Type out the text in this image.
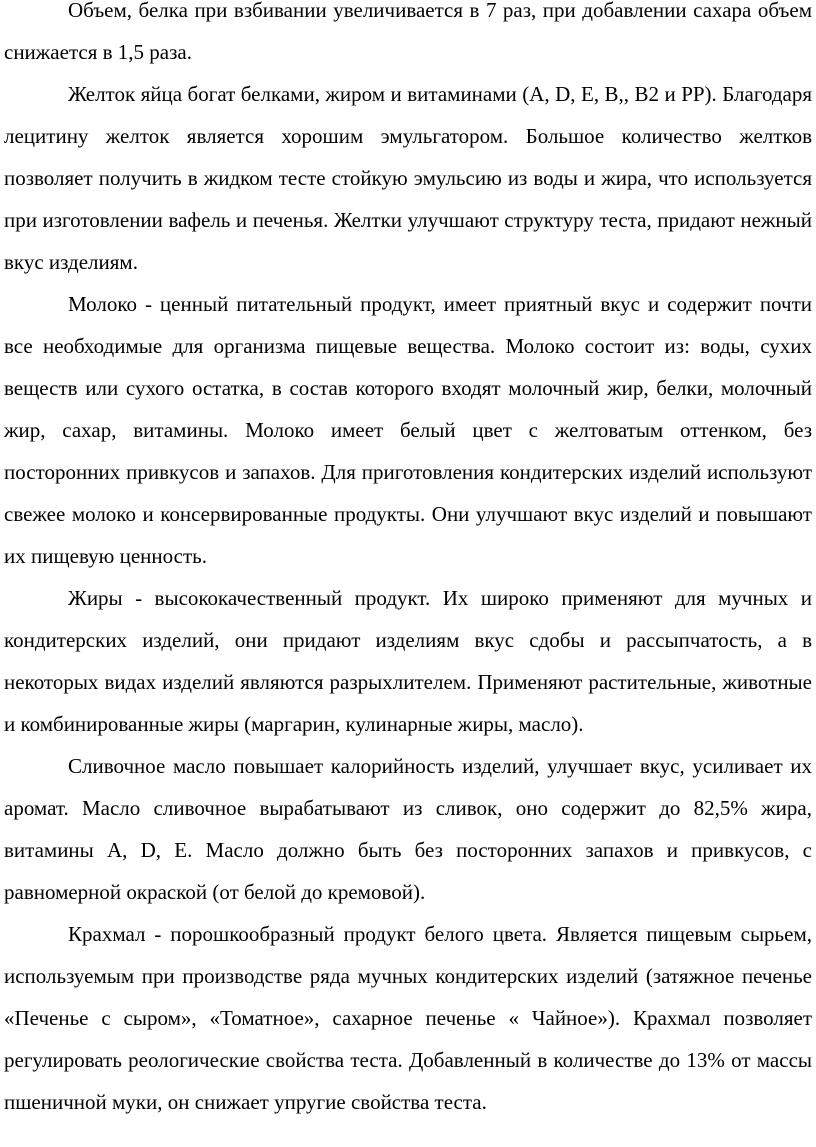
Объем, белка при взбивании увеличивается в 7 раз, при добавлении сахара объем снижается в 1,5 раза.

Желток яйца богат белками, жиром и витаминами (А, D, Е, В,, В2 и РР). Благодаря лецитину желток является хорошим эмульгатором. Большое количество желтков позволяет получить в жидком тесте стойкую эмульсию из воды и жира, что используется при изготовлении вафель и печенья. Желтки улучшают структуру теста, придают нежный вкус изделиям.

Молоко - ценный питательный продукт, имеет приятный вкус и содержит почти все необходимые для организма пищевые вещества. Молоко состоит из: воды, сухих веществ или сухого остатка, в состав которого входят молочный жир, белки, молочный жир, сахар, витамины. Молоко имеет белый цвет с желтоватым оттенком, без посторонних привкусов и запахов. Для приготовления кондитерских изделий используют свежее молоко и консервированные продукты. Они улучшают вкус изделий и повышают их пищевую ценность.

Жиры - высококачественный продукт. Их широко применяют для мучных и кондитерских изделий, они придают изделиям вкус сдобы и рассыпчатость, а в некоторых видах изделий являются разрыхлителем. Применяют растительные, животные и комбинированные жиры (маргарин, кулинарные жиры, масло).

Сливочное масло повышает калорийность изделий, улучшает вкус, усиливает их аромат. Масло сливочное вырабатывают из сливок, оно содержит до 82,5% жира, витамины А, D, Е. Масло должно быть без посторонних запахов и привкусов, с равномерной окраской (от белой до кремовой).

Крахмал - порошкообразный продукт белого цвета. Является пищевым сырьем, используемым при производстве ряда мучных кондитерских изделий (затяжное печенье «Печенье с сыром», «Томатное», сахарное печенье « Чайное»). Крахмал позволяет регулировать реологические свойства теста. Добавленный в количестве до 13% от массы пшеничной муки, он снижает упругие свойства теста.
